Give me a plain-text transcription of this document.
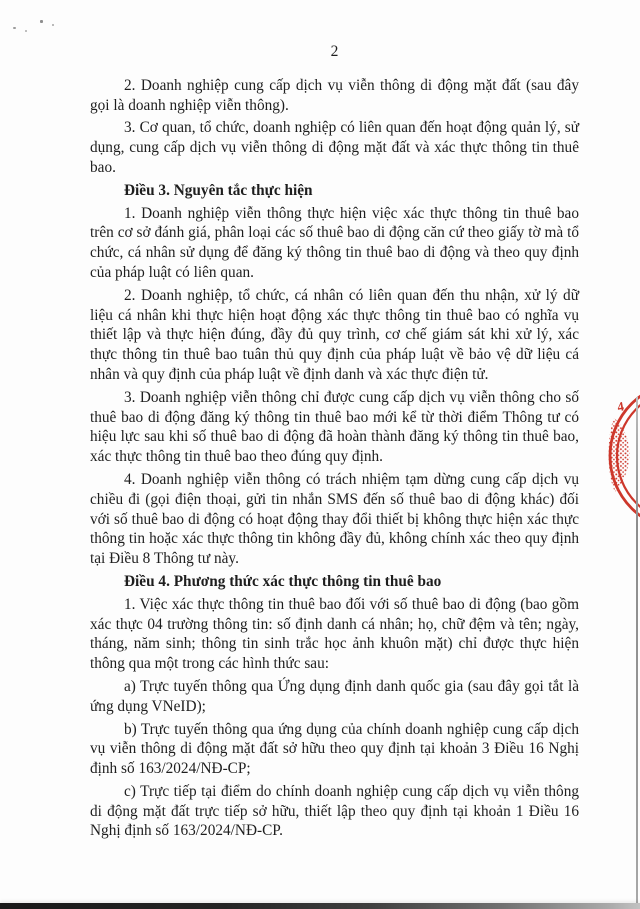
2

2. Doanh nghiệp cung cấp dịch vụ viễn thông di động mặt đất (sau đây gọi là doanh nghiệp viễn thông).

3. Cơ quan, tổ chức, doanh nghiệp có liên quan đến hoạt động quản lý, sử dụng, cung cấp dịch vụ viễn thông di động mặt đất và xác thực thông tin thuê bao.

Điều 3. Nguyên tắc thực hiện

1. Doanh nghiệp viễn thông thực hiện việc xác thực thông tin thuê bao trên cơ sở đánh giá, phân loại các số thuê bao di động căn cứ theo giấy tờ mà tổ chức, cá nhân sử dụng để đăng ký thông tin thuê bao di động và theo quy định của pháp luật có liên quan.

2. Doanh nghiệp, tổ chức, cá nhân có liên quan đến thu nhận, xử lý dữ liệu cá nhân khi thực hiện hoạt động xác thực thông tin thuê bao có nghĩa vụ thiết lập và thực hiện đúng, đầy đủ quy trình, cơ chế giám sát khi xử lý, xác thực thông tin thuê bao tuân thủ quy định của pháp luật về bảo vệ dữ liệu cá nhân và quy định của pháp luật về định danh và xác thực điện tử.

3. Doanh nghiệp viễn thông chỉ được cung cấp dịch vụ viễn thông cho số thuê bao di động đăng ký thông tin thuê bao mới kể từ thời điểm Thông tư có hiệu lực sau khi số thuê bao di động đã hoàn thành đăng ký thông tin thuê bao, xác thực thông tin thuê bao theo đúng quy định.

4. Doanh nghiệp viễn thông có trách nhiệm tạm dừng cung cấp dịch vụ chiều đi (gọi điện thoại, gửi tin nhắn SMS đến số thuê bao di động khác) đối với số thuê bao di động có hoạt động thay đổi thiết bị không thực hiện xác thực thông tin hoặc xác thực thông tin không đầy đủ, không chính xác theo quy định tại Điều 8 Thông tư này.

Điều 4. Phương thức xác thực thông tin thuê bao

1. Việc xác thực thông tin thuê bao đối với số thuê bao di động (bao gồm xác thực 04 trường thông tin: số định danh cá nhân; họ, chữ đệm và tên; ngày, tháng, năm sinh; thông tin sinh trắc học ảnh khuôn mặt) chỉ được thực hiện thông qua một trong các hình thức sau:

a) Trực tuyến thông qua Ứng dụng định danh quốc gia (sau đây gọi tắt là ứng dụng VNeID);

b) Trực tuyến thông qua ứng dụng của chính doanh nghiệp cung cấp dịch vụ viễn thông di động mặt đất sở hữu theo quy định tại khoản 3 Điều 16 Nghị định số 163/2024/NĐ-CP;

c) Trực tiếp tại điểm do chính doanh nghiệp cung cấp dịch vụ viễn thông di động mặt đất trực tiếp sở hữu, thiết lập theo quy định tại khoản 1 Điều 16 Nghị định số 163/2024/NĐ-CP.

4
